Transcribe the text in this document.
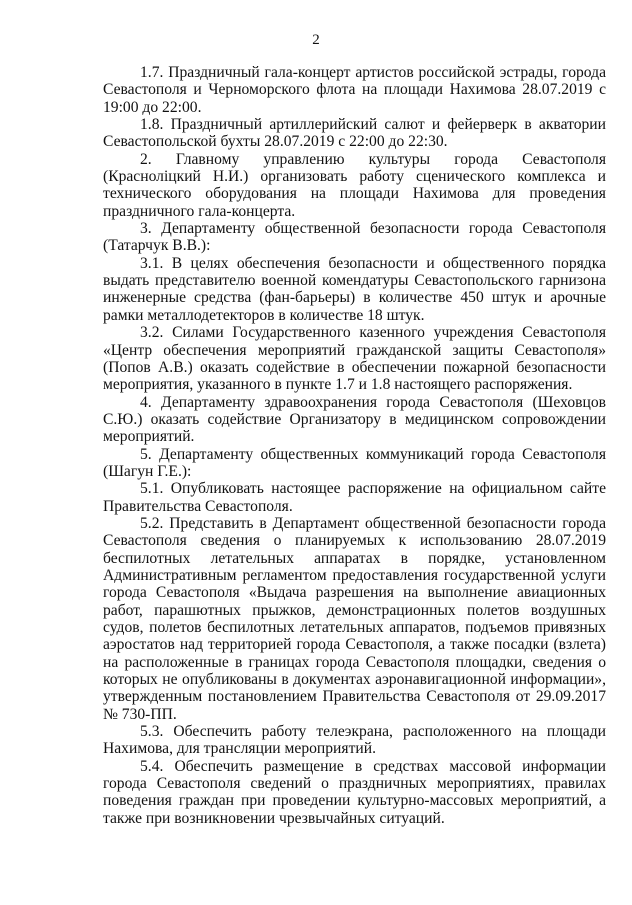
2

1.7. Праздничный гала-концерт артистов российской эстрады, города Севастополя и Черноморского флота на площади Нахимова 28.07.2019 с 19:00 до 22:00.

1.8. Праздничный артиллерийский салют и фейерверк в акватории Севастопольской бухты 28.07.2019 с 22:00 до 22:30.

2. Главному управлению культуры города Севастополя (Красноліцкий Н.И.) организовать работу сценического комплекса и технического оборудования на площади Нахимова для проведения праздничного гала-концерта.

3. Департаменту общественной безопасности города Севастополя (Татарчук В.В.):

3.1. В целях обеспечения безопасности и общественного порядка выдать представителю военной комендатуры Севастопольского гарнизона инженерные средства (фан-барьеры) в количестве 450 штук и арочные рамки металлодетекторов в количестве 18 штук.

3.2. Силами Государственного казенного учреждения Севастополя «Центр обеспечения мероприятий гражданской защиты Севастополя» (Попов А.В.) оказать содействие в обеспечении пожарной безопасности мероприятия, указанного в пункте 1.7 и 1.8 настоящего распоряжения.

4. Департаменту здравоохранения города Севастополя (Шеховцов С.Ю.) оказать содействие Организатору в медицинском сопровождении мероприятий.

5. Департаменту общественных коммуникаций города Севастополя (Шагун Г.Е.):

5.1. Опубликовать настоящее распоряжение на официальном сайте Правительства Севастополя.

5.2. Представить в Департамент общественной безопасности города Севастополя сведения о планируемых к использованию 28.07.2019 беспилотных летательных аппаратах в порядке, установленном Административным регламентом предоставления государственной услуги города Севастополя «Выдача разрешения на выполнение авиационных работ, парашютных прыжков, демонстрационных полетов воздушных судов, полетов беспилотных летательных аппаратов, подъемов привязных аэростатов над территорией города Севастополя, а также посадки (взлета) на расположенные в границах города Севастополя площадки, сведения о которых не опубликованы в документах аэронавигационной информации», утвержденным постановлением Правительства Севастополя от 29.09.2017 № 730-ПП.

5.3. Обеспечить работу телеэкрана, расположенного на площади Нахимова, для трансляции мероприятий.

5.4. Обеспечить размещение в средствах массовой информации города Севастополя сведений о праздничных мероприятиях, правилах поведения граждан при проведении культурно-массовых мероприятий, а также при возникновении чрезвычайных ситуаций.
